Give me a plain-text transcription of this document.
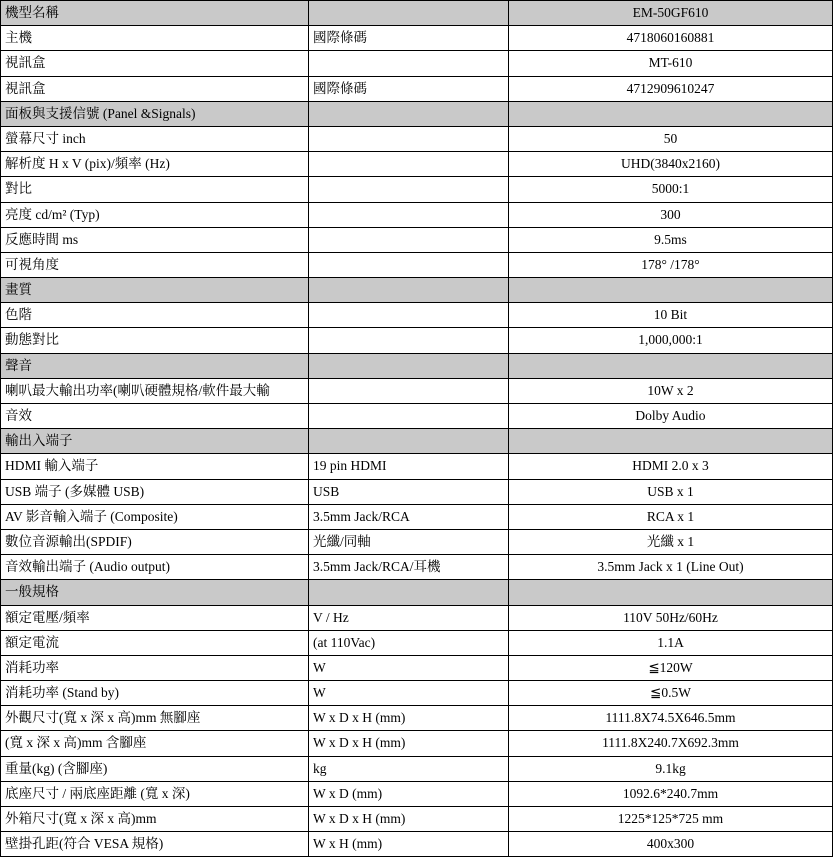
機型名稱		EM-50GF610
主機	國際條碼	4718060160881
視訊盒		MT-610
視訊盒	國際條碼	4712909610247
面板與支援信號 (Panel &Signals)		
螢幕尺寸 inch		50
解析度 H x V (pix)/頻率 (Hz)		UHD(3840x2160)
對比		5000:1
亮度 cd/m² (Typ)		300
反應時間 ms		9.5ms
可視角度		178° /178°
畫質		
色階		10 Bit
動態對比		1,000,000:1
聲音		
喇叭最大輸出功率(喇叭硬體規格/軟件最大輸		10W x 2
音效		Dolby Audio
輸出入端子		
HDMI 輸入端子	19 pin HDMI	HDMI 2.0 x 3
USB 端子 (多媒體 USB)	USB	USB x 1
AV 影音輸入端子 (Composite)	3.5mm Jack/RCA	RCA x 1
數位音源輸出(SPDIF)	光纖/同軸	光纖 x 1
音效輸出端子 (Audio output)	3.5mm Jack/RCA/耳機	3.5mm Jack x 1 (Line Out)
一般規格		
額定電壓/頻率	V / Hz	110V 50Hz/60Hz
額定電流	(at 110Vac)	1.1A
消耗功率	W	≦120W
消耗功率 (Stand by)	W	≦0.5W
外觀尺寸(寬 x 深 x 高)mm 無腳座	W x D x H (mm)	1111.8X74.5X646.5mm
(寬 x 深 x 高)mm 含腳座	W x D x H (mm)	1111.8X240.7X692.3mm
重量(kg) (含腳座)	kg	9.1kg
底座尺寸 / 兩底座距離 (寬 x 深)	W x D (mm)	1092.6*240.7mm
外箱尺寸(寬 x 深 x 高)mm	W x D x H (mm)	1225*125*725 mm
壁掛孔距(符合 VESA 規格)	W x H (mm)	400x300
